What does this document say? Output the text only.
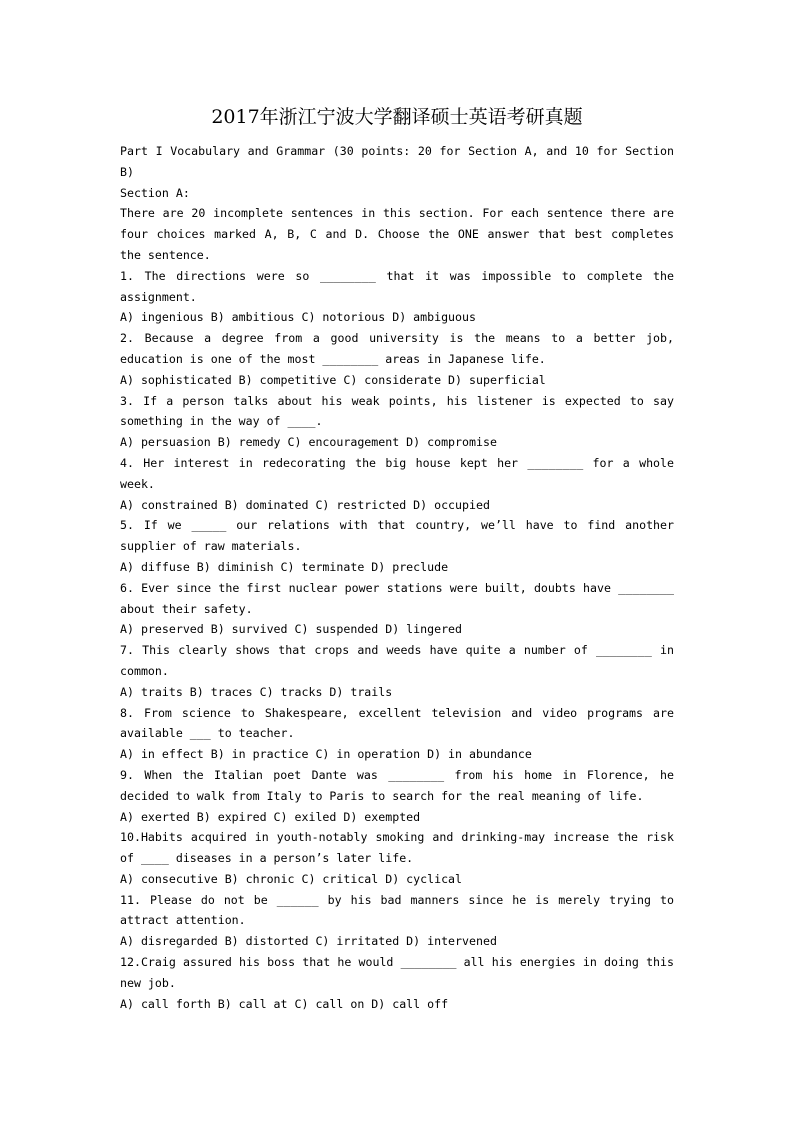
2017年浙江宁波大学翻译硕士英语考研真题

Part I Vocabulary and Grammar (30 points: 20 for Section A, and 10 for Section B)

Section A:

There are 20 incomplete sentences in this section. For each sentence there are four choices marked A, B, C and D. Choose the ONE answer that best completes the sentence.

1. The directions were so ________ that it was impossible to complete the assignment.

A) ingenious B) ambitious C) notorious D) ambiguous

2. Because a degree from a good university is the means to a better job, education is one of the most ________ areas in Japanese life.

A) sophisticated B) competitive C) considerate D) superficial

3. If a person talks about his weak points, his listener is expected to say something in the way of ____.

A) persuasion B) remedy C) encouragement D) compromise

4. Her interest in redecorating the big house kept her ________ for a whole week.

A) constrained B) dominated C) restricted D) occupied

5. If we _____ our relations with that country, we’ll have to find another supplier of raw materials.

A) diffuse B) diminish C) terminate D) preclude

6. Ever since the first nuclear power stations were built, doubts have ________ about their safety.

A) preserved B) survived C) suspended D) lingered

7. This clearly shows that crops and weeds have quite a number of ________ in common.

A) traits B) traces C) tracks D) trails

8. From science to Shakespeare, excellent television and video programs are available ___ to teacher.

A) in effect B) in practice C) in operation D) in abundance

9. When the Italian poet Dante was ________ from his home in Florence, he decided to walk from Italy to Paris to search for the real meaning of life.

A) exerted B) expired C) exiled D) exempted

10.Habits acquired in youth-notably smoking and drinking-may increase the risk of ____ diseases in a person’s later life.

A) consecutive B) chronic C) critical D) cyclical

11. Please do not be ______ by his bad manners since he is merely trying to attract attention.

A) disregarded B) distorted C) irritated D) intervened

12.Craig assured his boss that he would ________ all his energies in doing this new job.

A) call forth B) call at C) call on D) call off
